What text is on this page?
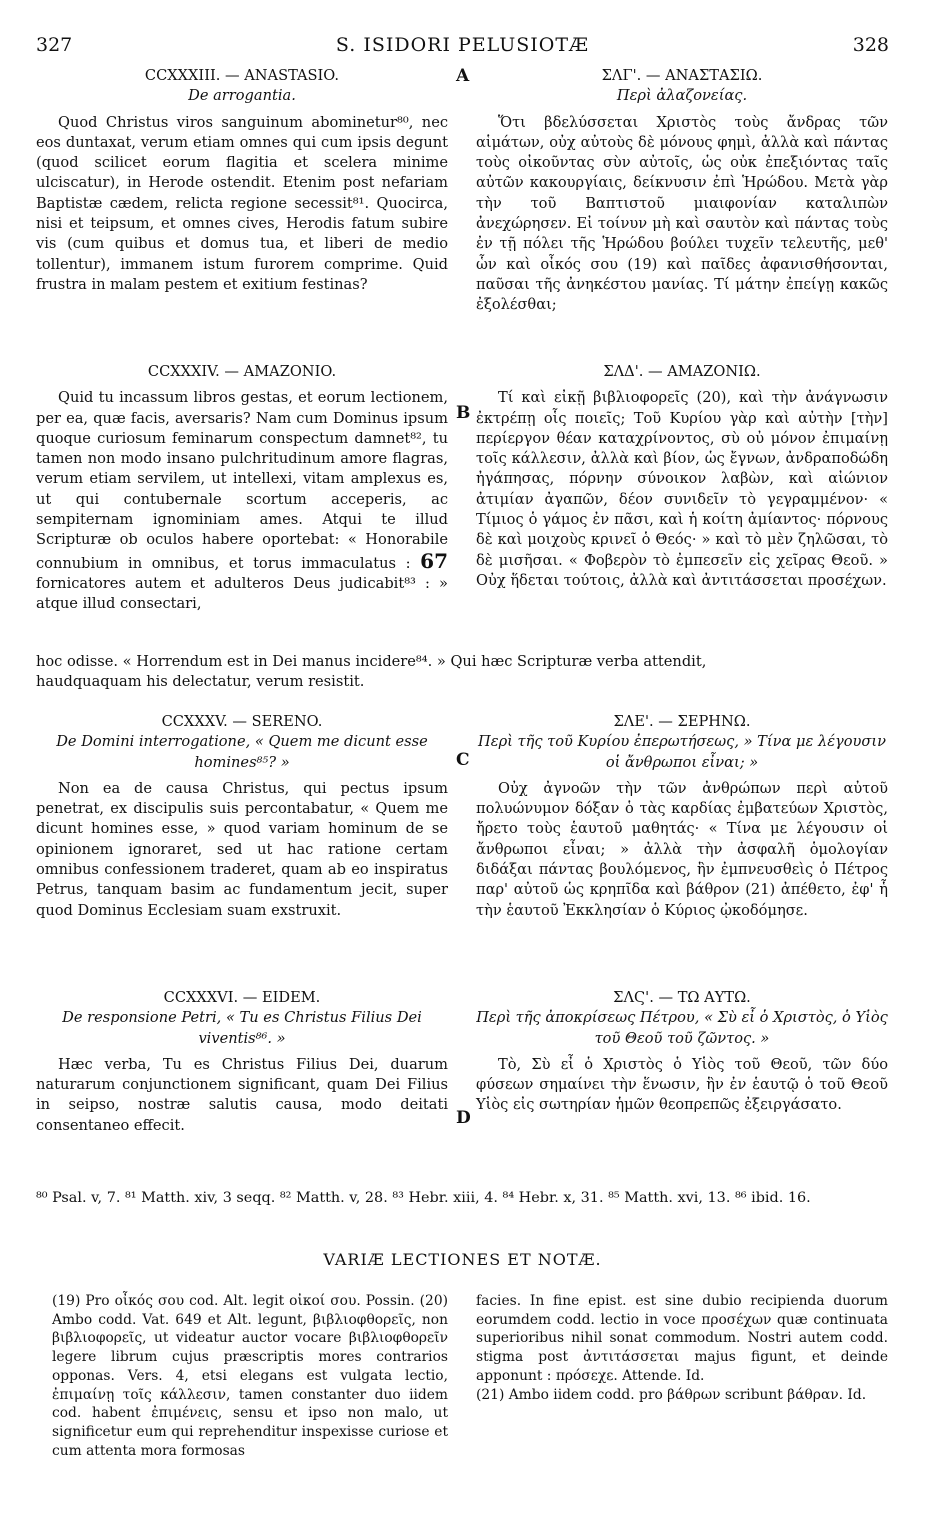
327	S. ISIDORI PELUSIOTÆ	328
A
B
C
D

CCXXXIII. — ANASTASIO.

De arrogantia.

Quod Christus viros sanguinum abominetur⁸⁰, nec eos duntaxat, verum etiam omnes qui cum ipsis degunt (quod scilicet eorum flagitia et scelera minime ulciscatur), in Herode ostendit. Etenim post nefariam Baptistæ cædem, relicta regione secessit⁸¹. Quocirca, nisi et teipsum, et omnes cives, Herodis fatum subire vis (cum quibus et domus tua, et liberi de medio tollentur), immanem istum furorem comprime. Quid frustra in malam pestem et exitium festinas?

ΣΛΓ'. — ΑΝΑΣΤΑΣΙΩ.

Περὶ ἀλαζονείας.

Ὅτι βδελύσσεται Χριστὸς τοὺς ἄνδρας τῶν αἱμάτων, οὐχ αὐτοὺς δὲ μόνους φημὶ, ἀλλὰ καὶ πάντας τοὺς οἰκοῦντας σὺν αὐτοῖς, ὡς οὐκ ἐπεξιόντας ταῖς αὐτῶν κακουργίαις, δείκνυσιν ἐπὶ Ἡρώδου. Μετὰ γὰρ τὴν τοῦ Βαπτιστοῦ μιαιφονίαν καταλιπὼν ἀνεχώρησεν. Εἰ τοίνυν μὴ καὶ σαυτὸν καὶ πάντας τοὺς ἐν τῇ πόλει τῆς Ἡρώδου βούλει τυχεῖν τελευτῆς, μεθ' ὧν καὶ οἶκός σου (19) καὶ παῖδες ἀφανισθήσονται, παῦσαι τῆς ἀνηκέστου μανίας. Τί μάτην ἐπείγῃ κακῶς ἐξολέσθαι;

CCXXXIV. — AMAZONIO.

Quid tu incassum libros gestas, et eorum lectionem, per ea, quæ facis, aversaris? Nam cum Dominus ipsum quoque curiosum feminarum conspectum damnet⁸², tu tamen non modo insano pulchritudinum amore flagras, verum etiam servilem, ut intellexi, vitam amplexus es, ut qui contubernale scortum acceperis, ac sempiternam ignominiam ames. Atqui te illud Scripturæ ob oculos habere oportebat: « Honorabile connubium in omnibus, et torus immaculatus : 67 fornicatores autem et adulteros Deus judicabit⁸³ : » atque illud consectari,

ΣΛΔ'. — ΑΜΑΖΟΝΙΩ.

Τί καὶ εἰκῇ βιβλιοφορεῖς (20), καὶ τὴν ἀνάγνωσιν ἐκτρέπῃ οἷς ποιεῖς; Τοῦ Κυρίου γὰρ καὶ αὐτὴν [τὴν] περίεργον θέαν καταχρίνοντος, σὺ οὐ μόνον ἐπιμαίνῃ τοῖς κάλλεσιν, ἀλλὰ καὶ βίον, ὡς ἔγνων, ἀνδραποδώδη ἠγάπησας, πόρνην σύνοικον λαβὼν, καὶ αἰώνιον ἀτιμίαν ἀγαπῶν, δέον συνιδεῖν τὸ γεγραμμένον· « Τίμιος ὁ γάμος ἐν πᾶσι, καὶ ἡ κοίτη ἀμίαντος· πόρνους δὲ καὶ μοιχοὺς κρινεῖ ὁ Θεός· » καὶ τὸ μὲν ζηλῶσαι, τὸ δὲ μισῆσαι. « Φοβερὸν τὸ ἐμπεσεῖν εἰς χεῖρας Θεοῦ. » Οὐχ ἥδεται τούτοις, ἀλλὰ καὶ ἀντιτάσσεται προσέχων.

hoc odisse. « Horrendum est in Dei manus incidere⁸⁴. » Qui hæc Scripturæ verba attendit,
haudquaquam his delectatur, verum resistit.

CCXXXV. — SERENO.

De Domini interrogatione, « Quem me dicunt esse homines⁸⁵? »

Non ea de causa Christus, qui pectus ipsum penetrat, ex discipulis suis percontabatur, « Quem me dicunt homines esse, » quod variam hominum de se opinionem ignoraret, sed ut hac ratione certam omnibus confessionem traderet, quam ab eo inspiratus Petrus, tanquam basim ac fundamentum jecit, super quod Dominus Ecclesiam suam exstruxit.

ΣΛΕ'. — ΣΕΡΗΝΩ.

Περὶ τῆς τοῦ Κυρίου ἐπερωτήσεως, » Τίνα με λέγουσιν οἱ ἄνθρωποι εἶναι; »

Οὐχ ἀγνοῶν τὴν τῶν ἀνθρώπων περὶ αὐτοῦ πολυώνυμον δόξαν ὁ τὰς καρδίας ἐμβατεύων Χριστὸς, ἤρετο τοὺς ἑαυτοῦ μαθητάς· « Τίνα με λέγουσιν οἱ ἄνθρωποι εἶναι; » ἀλλὰ τὴν ἀσφαλῆ ὁμολογίαν διδάξαι πάντας βουλόμενος, ἣν ἐμπνευσθεὶς ὁ Πέτρος παρ' αὐτοῦ ὡς κρηπῖδα καὶ βάθρον (21) ἀπέθετο, ἐφ' ἧ τὴν ἑαυτοῦ Ἐκκλησίαν ὁ Κύριος ᾠκοδόμησε.

CCXXXVI. — EIDEM.

De responsione Petri, « Tu es Christus Filius Dei viventis⁸⁶. »

Hæc verba, Tu es Christus Filius Dei, duarum naturarum conjunctionem significant, quam Dei Filius in seipso, nostræ salutis causa, modo deitati consentaneo effecit.

ΣΛϚ'. — ΤΩ ΑΥΤΩ.

Περὶ τῆς ἀποκρίσεως Πέτρου, « Σὺ εἶ ὁ Χριστὸς, ὁ Υἱὸς τοῦ Θεοῦ τοῦ ζῶντος. »

Τὸ, Σὺ εἶ ὁ Χριστὸς ὁ Υἱὸς τοῦ Θεοῦ, τῶν δύο φύσεων σημαίνει τὴν ἕνωσιν, ἣν ἐν ἑαυτῷ ὁ τοῦ Θεοῦ Υἱὸς εἰς σωτηρίαν ἡμῶν θεοπρεπῶς ἐξειργάσατο.

⁸⁰ Psal. v, 7. ⁸¹ Matth. xiv, 3 seqq. ⁸² Matth. v, 28. ⁸³ Hebr. xiii, 4. ⁸⁴ Hebr. x, 31. ⁸⁵ Matth. xvi, 13. ⁸⁶ ibid. 16.
VARIÆ LECTIONES ET NOTÆ.
(19) Pro οἶκός σου cod. Alt. legit οἰκοί σου. Possin. (20) Ambo codd. Vat. 649 et Alt. legunt, βιβλιοφθορεῖς, non βιβλιοφορεῖς, ut videatur auctor vocare βιβλιοφθορεῖν legere librum cujus præscriptis mores contrarios opponas. Vers. 4, etsi elegans est vulgata lectio, ἐπιμαίνῃ τοῖς κάλλεσιν, tamen constanter duo iidem cod. habent ἐπιμένεις, sensu et ipso non malo, ut significetur eum qui reprehenditur inspexisse curiose et cum attenta mora formosas
facies. In fine epist. est sine dubio recipienda duorum eorumdem codd. lectio in voce προσέχων quæ continuata superioribus nihil sonat commodum. Nostri autem codd. stigma post ἀντιτάσσεται majus figunt, et deinde apponunt : πρόσεχε. Attende. Id.
(21) Ambo iidem codd. pro βάθρων scribunt βάθραν. Id.
